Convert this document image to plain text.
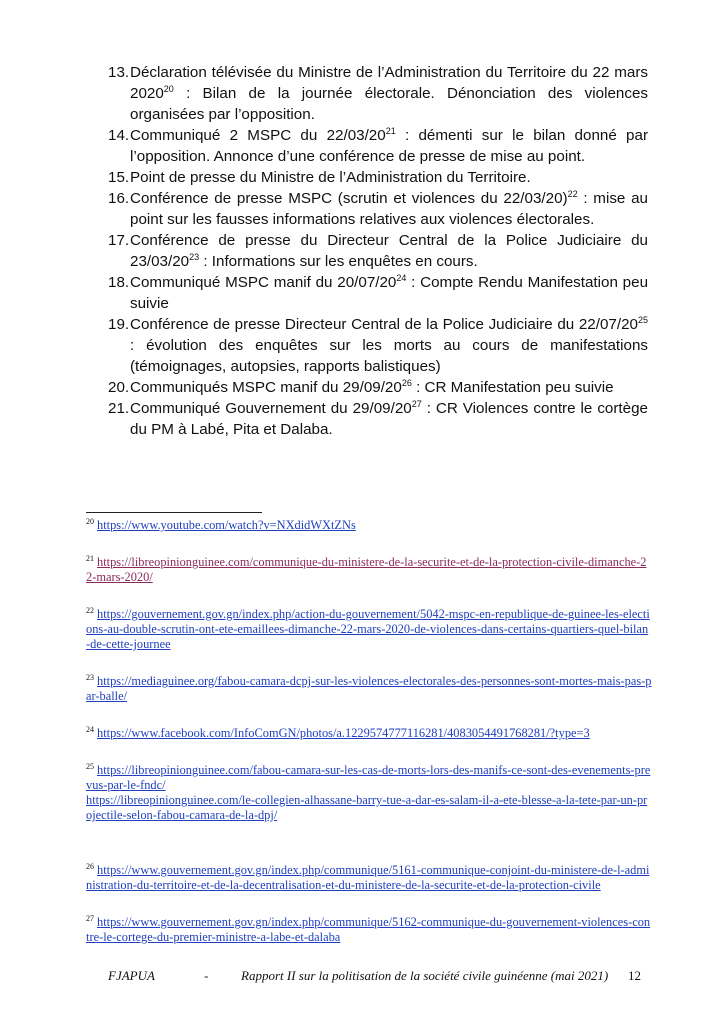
13. Déclaration télévisée du Ministre de l’Administration du Territoire du 22 mars 2020$^{20}$ : Bilan de la journée électorale. Dénonciation des violences organisées par l’opposition.
14. Communiqué 2 MSPC du 22/03/20$^{21}$ : démenti sur le bilan donné par l’opposition. Annonce d’une conférence de presse de mise au point.
15. Point de presse du Ministre de l’Administration du Territoire.
16. Conférence de presse MSPC (scrutin et violences du 22/03/20)$^{22}$ : mise au point sur les fausses informations relatives aux violences électorales.
17. Conférence de presse du Directeur Central de la Police Judiciaire du 23/03/20$^{23}$ : Informations sur les enquêtes en cours.
18. Communiqué MSPC manif du 20/07/20$^{24}$ : Compte Rendu Manifestation peu suivie
19. Conférence de presse Directeur Central de la Police Judiciaire du 22/07/20$^{25}$ : évolution des enquêtes sur les morts au cours de manifestations (témoignages, autopsies, rapports balistiques)
20. Communiqués MSPC manif du 29/09/20$^{26}$ : CR Manifestation peu suivie
21. Communiqué Gouvernement du 29/09/20$^{27}$ : CR Violences contre le cortège du PM à Labé, Pita et Dalaba.
$^{20}$ https://www.youtube.com/watch?v=NXdidWXtZNs
$^{21}$ https://libreopinionguinee.com/communique-du-ministere-de-la-securite-et-de-la-protection-civile-dimanche-22-mars-2020/
$^{22}$ https://gouvernement.gov.gn/index.php/action-du-gouvernement/5042-mspc-en-republique-de-guinee-les-elections-au-double-scrutin-ont-ete-emaillees-dimanche-22-mars-2020-de-violences-dans-certains-quartiers-quel-bilan-de-cette-journee
$^{23}$ https://mediaguinee.org/fabou-camara-dcpj-sur-les-violences-electorales-des-personnes-sont-mortes-mais-pas-par-balle/
$^{24}$ https://www.facebook.com/InfoComGN/photos/a.1229574777116281/4083054491768281/?type=3
$^{25}$ https://libreopinionguinee.com/fabou-camara-sur-les-cas-de-morts-lors-des-manifs-ce-sont-des-evenements-prevus-par-le-fndc/
https://libreopinionguinee.com/le-collegien-alhassane-barry-tue-a-dar-es-salam-il-a-ete-blesse-a-la-tete-par-un-projectile-selon-fabou-camara-de-la-dpj/
$^{26}$ https://www.gouvernement.gov.gn/index.php/communique/5161-communique-conjoint-du-ministere-de-l-administration-du-territoire-et-de-la-decentralisation-et-du-ministere-de-la-securite-et-de-la-protection-civile
$^{27}$ https://www.gouvernement.gov.gn/index.php/communique/5162-communique-du-gouvernement-violences-contre-le-cortege-du-premier-ministre-a-labe-et-dalaba
FJAPUA	-	Rapport II sur la politisation de la société civile guinéenne (mai 2021) 12
